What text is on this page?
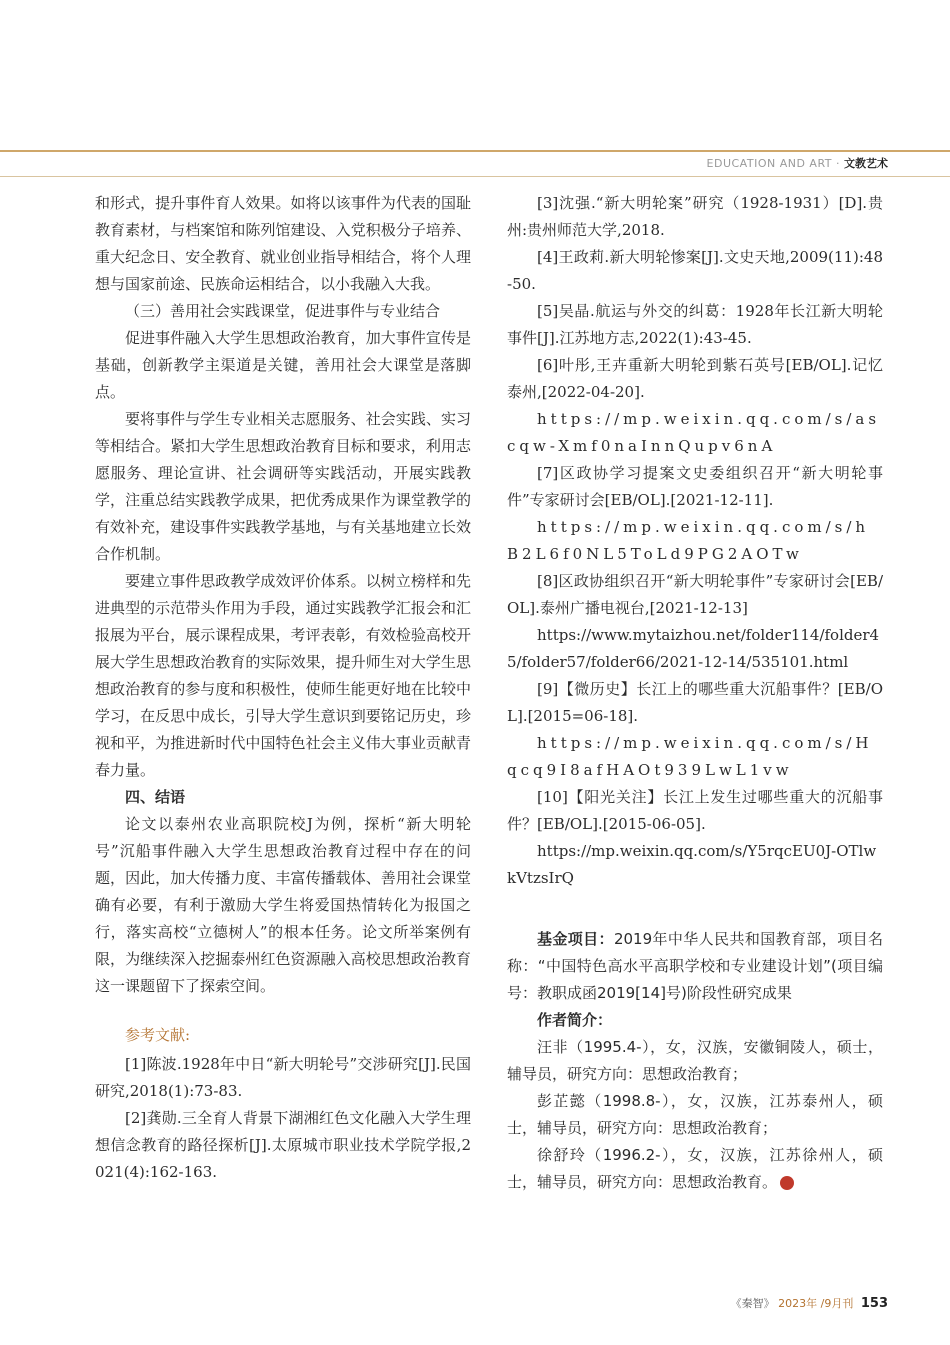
EDUCATION AND ART · 文教艺术

和形式，提升事件育人效果。如将以该事件为代表的国耻教育素材，与档案馆和陈列馆建设、入党积极分子培养、重大纪念日、安全教育、就业创业指导相结合，将个人理想与国家前途、民族命运相结合，以小我融入大我。

（三）善用社会实践课堂，促进事件与专业结合

促进事件融入大学生思想政治教育，加大事件宣传是基础，创新教学主渠道是关键，善用社会大课堂是落脚点。

要将事件与学生专业相关志愿服务、社会实践、实习等相结合。紧扣大学生思想政治教育目标和要求，利用志愿服务、理论宣讲、社会调研等实践活动，开展实践教学，注重总结实践教学成果，把优秀成果作为课堂教学的有效补充，建设事件实践教学基地，与有关基地建立长效合作机制。

要建立事件思政教学成效评价体系。以树立榜样和先进典型的示范带头作用为手段，通过实践教学汇报会和汇报展为平台，展示课程成果，考评表彰，有效检验高校开展大学生思想政治教育的实际效果，提升师生对大学生思想政治教育的参与度和积极性，使师生能更好地在比较中学习，在反思中成长，引导大学生意识到要铭记历史，珍视和平，为推进新时代中国特色社会主义伟大事业贡献青春力量。

四、结语

论文以泰州农业高职院校J为例，探析“新大明轮号”沉船事件融入大学生思想政治教育过程中存在的问题，因此，加大传播力度、丰富传播载体、善用社会课堂确有必要，有利于激励大学生将爱国热情转化为报国之行，落实高校“立德树人”的根本任务。论文所举案例有限，为继续深入挖掘泰州红色资源融入高校思想政治教育这一课题留下了探索空间。

参考文献:

[1]陈波.1928年中日“新大明轮号”交涉研究[J].民国研究,2018(1):73-83.

[2]龚勋.三全育人背景下湖湘红色文化融入大学生理想信念教育的路径探析[J].太原城市职业技术学院学报,2021(4):162-163.

[3]沈强.“新大明轮案”研究（1928-1931）[D].贵州:贵州师范大学,2018.

[4]王政莉.新大明轮惨案[J].文史天地,2009(11):48-50.

[5]吴晶.航运与外交的纠葛：1928年长江新大明轮事件[J].江苏地方志,2022(1):43-45.

[6]叶彤,王卉重新大明轮到紫石英号[EB/OL].记忆泰州,[2022-04-20].

https://mp.weixin.qq.com/s/ascqw-Xmf0naInnQupv6nA

[7]区政协学习提案文史委组织召开“新大明轮事件”专家研讨会[EB/OL].[2021-12-11].

https://mp.weixin.qq.com/s/hB2L6f0NL5ToLd9PG2AOTw

[8]区政协组织召开“新大明轮事件”专家研讨会[EB/OL].泰州广播电视台,[2021-12-13]

https://www.mytaizhou.net/folder114/folder45/folder57/folder66/2021-12-14/535101.html

[9]【微历史】长江上的哪些重大沉船事件？[EB/OL].[2015=06-18].

https://mp.weixin.qq.com/s/Hqcq9I8afHAOt939LwL1vw

[10]【阳光关注】长江上发生过哪些重大的沉船事件？[EB/OL].[2015-06-05].

https://mp.weixin.qq.com/s/Y5rqcEU0J-OTlwkVtzsIrQ

基金项目：2019年中华人民共和国教育部，项目名称：“中国特色高水平高职学校和专业建设计划”(项目编号：教职成函2019[14]号)阶段性研究成果

作者简介：

汪非（1995.4-），女，汉族，安徽铜陵人，硕士，辅导员，研究方向：思想政治教育；

彭芷懿（1998.8-），女，汉族，江苏泰州人，硕士，辅导员，研究方向：思想政治教育；

徐舒玲（1996.2-），女，汉族，江苏徐州人，硕士，辅导员，研究方向：思想政治教育。

《秦智》 2023年 /9月刊 153
